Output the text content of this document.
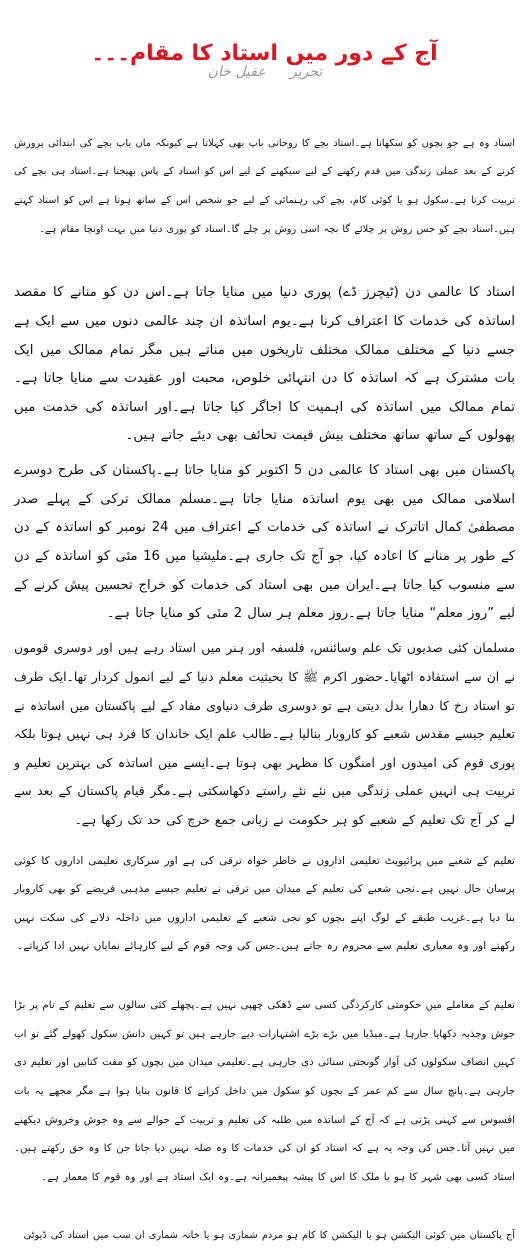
آج کے دور میں استاد کا مقام۔۔۔
تحریر عقیل خان

استاد وہ ہے جو بچوں کو سکھاتا ہے۔استاد بچے کا روحانی باپ بھی کہلاتا ہے کیونکہ ماں باپ بچے کی ابتدائی پرورش کرنے کے بعد عملی زندگی میں قدم رکھنے کے لیے سیکھنے کے لیے اس کو استاد کے پاس بھیجتا ہے۔استاد ہی بچے کی تربیت کرتا ہے۔سکول ہو یا کوئی کام، بچے کی رہنمائی کے لیے جو شخص اس کے ساتھ ہوتا ہے اس کو استاد کہتے ہیں۔استاد بچے کو جس روش پر چلائے گا بچہ اسی روش پر چلے گا۔استاد کو پوری دنیا میں بہت اونچا مقام ہے۔

استاد کا عالمی دن (ٹیچرز ڈے) پوری دنیا میں منایا جاتا ہے۔اس دن کو منانے کا مقصد اساتذہ کی خدمات کا اعتراف کرنا ہے۔یوم اساتذہ ان چند عالمی دنوں میں سے ایک ہے جسے دنیا کے مختلف ممالک مختلف تاریخوں میں مناتے ہیں مگر تمام ممالک میں ایک بات مشترک ہے کہ اساتذہ کا دن انتہائی خلوص، محبت اور عقیدت سے منایا جاتا ہے۔تمام ممالک میں اساتذہ کی اہمیت کا اجاگر کیا جاتا ہے۔اور اساتذہ کی خدمت میں پھولوں کے ساتھ ساتھ مختلف بیش قیمت تحائف بھی دیئے جاتے ہیں۔

پاکستان میں بھی استاد کا عالمی دن 5 اکتوبر کو منایا جاتا ہے۔پاکستان کی طرح دوسرے اسلامی ممالک میں بھی یوم اساتذہ منایا جاتا ہے۔مسلم ممالک ترکی کے پہلے صدر مصطفیٰ کمال اتاترک نے اساتذہ کی خدمات کے اعتراف میں 24 نومبر کو اساتذہ کے دن کے طور پر منانے کا اعادہ کیا، جو آج تک جاری ہے۔ملیشیا میں 16 مئی کو اساتذہ کے دن سے منسوب کیا جاتا ہے۔ایران میں بھی استاد کی خدمات کو خراج تحسین پیش کرنے کے لیے ”روز معلم“ منایا جاتا ہے۔روز معلم ہر سال 2 مئی کو منایا جاتا ہے۔

مسلمان کئی صدیوں تک علم وسائنس، فلسفہ اور ہنر میں استاد رہے ہیں اور دوسری قوموں نے ان سے استفادہ اٹھایا۔حضور اکرم ﷺ کا بحیثیت معلم دنیا کے لیے انمول کردار تھا۔ایک طرف تو استاد رخ کا دھارا بدل دیتی ہے تو دوسری طرف دنیاوی مفاد کے لیے پاکستان میں اساتذہ نے تعلیم جیسے مقدس شعبے کو کاروبار بنالیا ہے۔طالب علم ایک خاندان کا فرد ہی نہیں ہوتا بلکہ پوری قوم کی امیدوں اور امنگوں کا مظہر بھی ہوتا ہے۔ایسے میں اساتذہ کی بہترین تعلیم و تربیت ہی انہیں عملی زندگی میں نئے نئے راستے دکھاسکتی ہے۔مگر قیام پاکستان کے بعد سے لے کر آج تک تعلیم کے شعبے کو ہر حکومت نے زبانی جمع خرچ کی حد تک رکھا ہے۔

تعلیم کے شعبے میں پرائیویٹ تعلیمی اداروں نے خاطر خواہ ترقی کی ہے اور سرکاری تعلیمی اداروں کا کوئی پرسان حال نہیں ہے۔نجی شعبے کی تعلیم کے میدان میں ترقی نے تعلیم جیسے مذہبی فریضے کو بھی کاروبار بنا دیا ہے۔غریب طبقے کے لوگ اپنے بچوں کو نجی شعبے کے تعلیمی اداروں میں داخلہ دلانے کی سکت نہیں رکھتے اور وہ معیاری تعلیم سے محروم رہ جاتے ہیں۔جس کی وجہ قوم کے لیے کارہائے نمایاں نہیں ادا کرپاتے۔

تعلیم کے معاملے میں حکومتی کارکردگی کسی سے ڈھکی چھپی نہیں ہے۔پچھلے کئی سالوں سے تعلیم کے نام پر بڑا جوش وجذبہ دکھایا جارہا ہے۔میڈیا میں بڑے بڑے اشتہارات دیے جارہے ہیں تو کہیں دانش سکول کھولے گئے تو اب کہیں انصاف سکولوں کی آواز گونجتی سنائی دی جارہی ہے۔تعلیمی میدان میں بچوں کو مفت کتابیں اور تعلیم دی جارہی ہے۔پانچ سال سے کم عمر کے بچوں کو سکول میں داخل کرانے کا قانون بنایا ہوا ہے مگر مجھے یہ بات افسوس سے کہنی پڑتی ہے کہ آج کے اساتذہ میں طلبہ کی تعلیم و تربیت کے حوالے سے وہ جوش وخروش دیکھنے میں نہیں آتا۔جس کی وجہ یہ ہے کہ استاد کو ان کی خدمات کا وہ صلہ نہیں دیا جاتا جن کا وہ حق رکھتے ہیں۔استاد کسی بھی شہر کا ہو یا ملک کا اس کا پیشہ پیغمبرانہ ہے۔وہ ایک استاد ہے اور وہ قوم کا معمار ہے۔

آج پاکستان میں کوئی الیکشن ہو یا الیکشن کا کام ہو مردم شماری ہو یا خانہ شماری ان سب میں استاد کی ڈیوٹی
